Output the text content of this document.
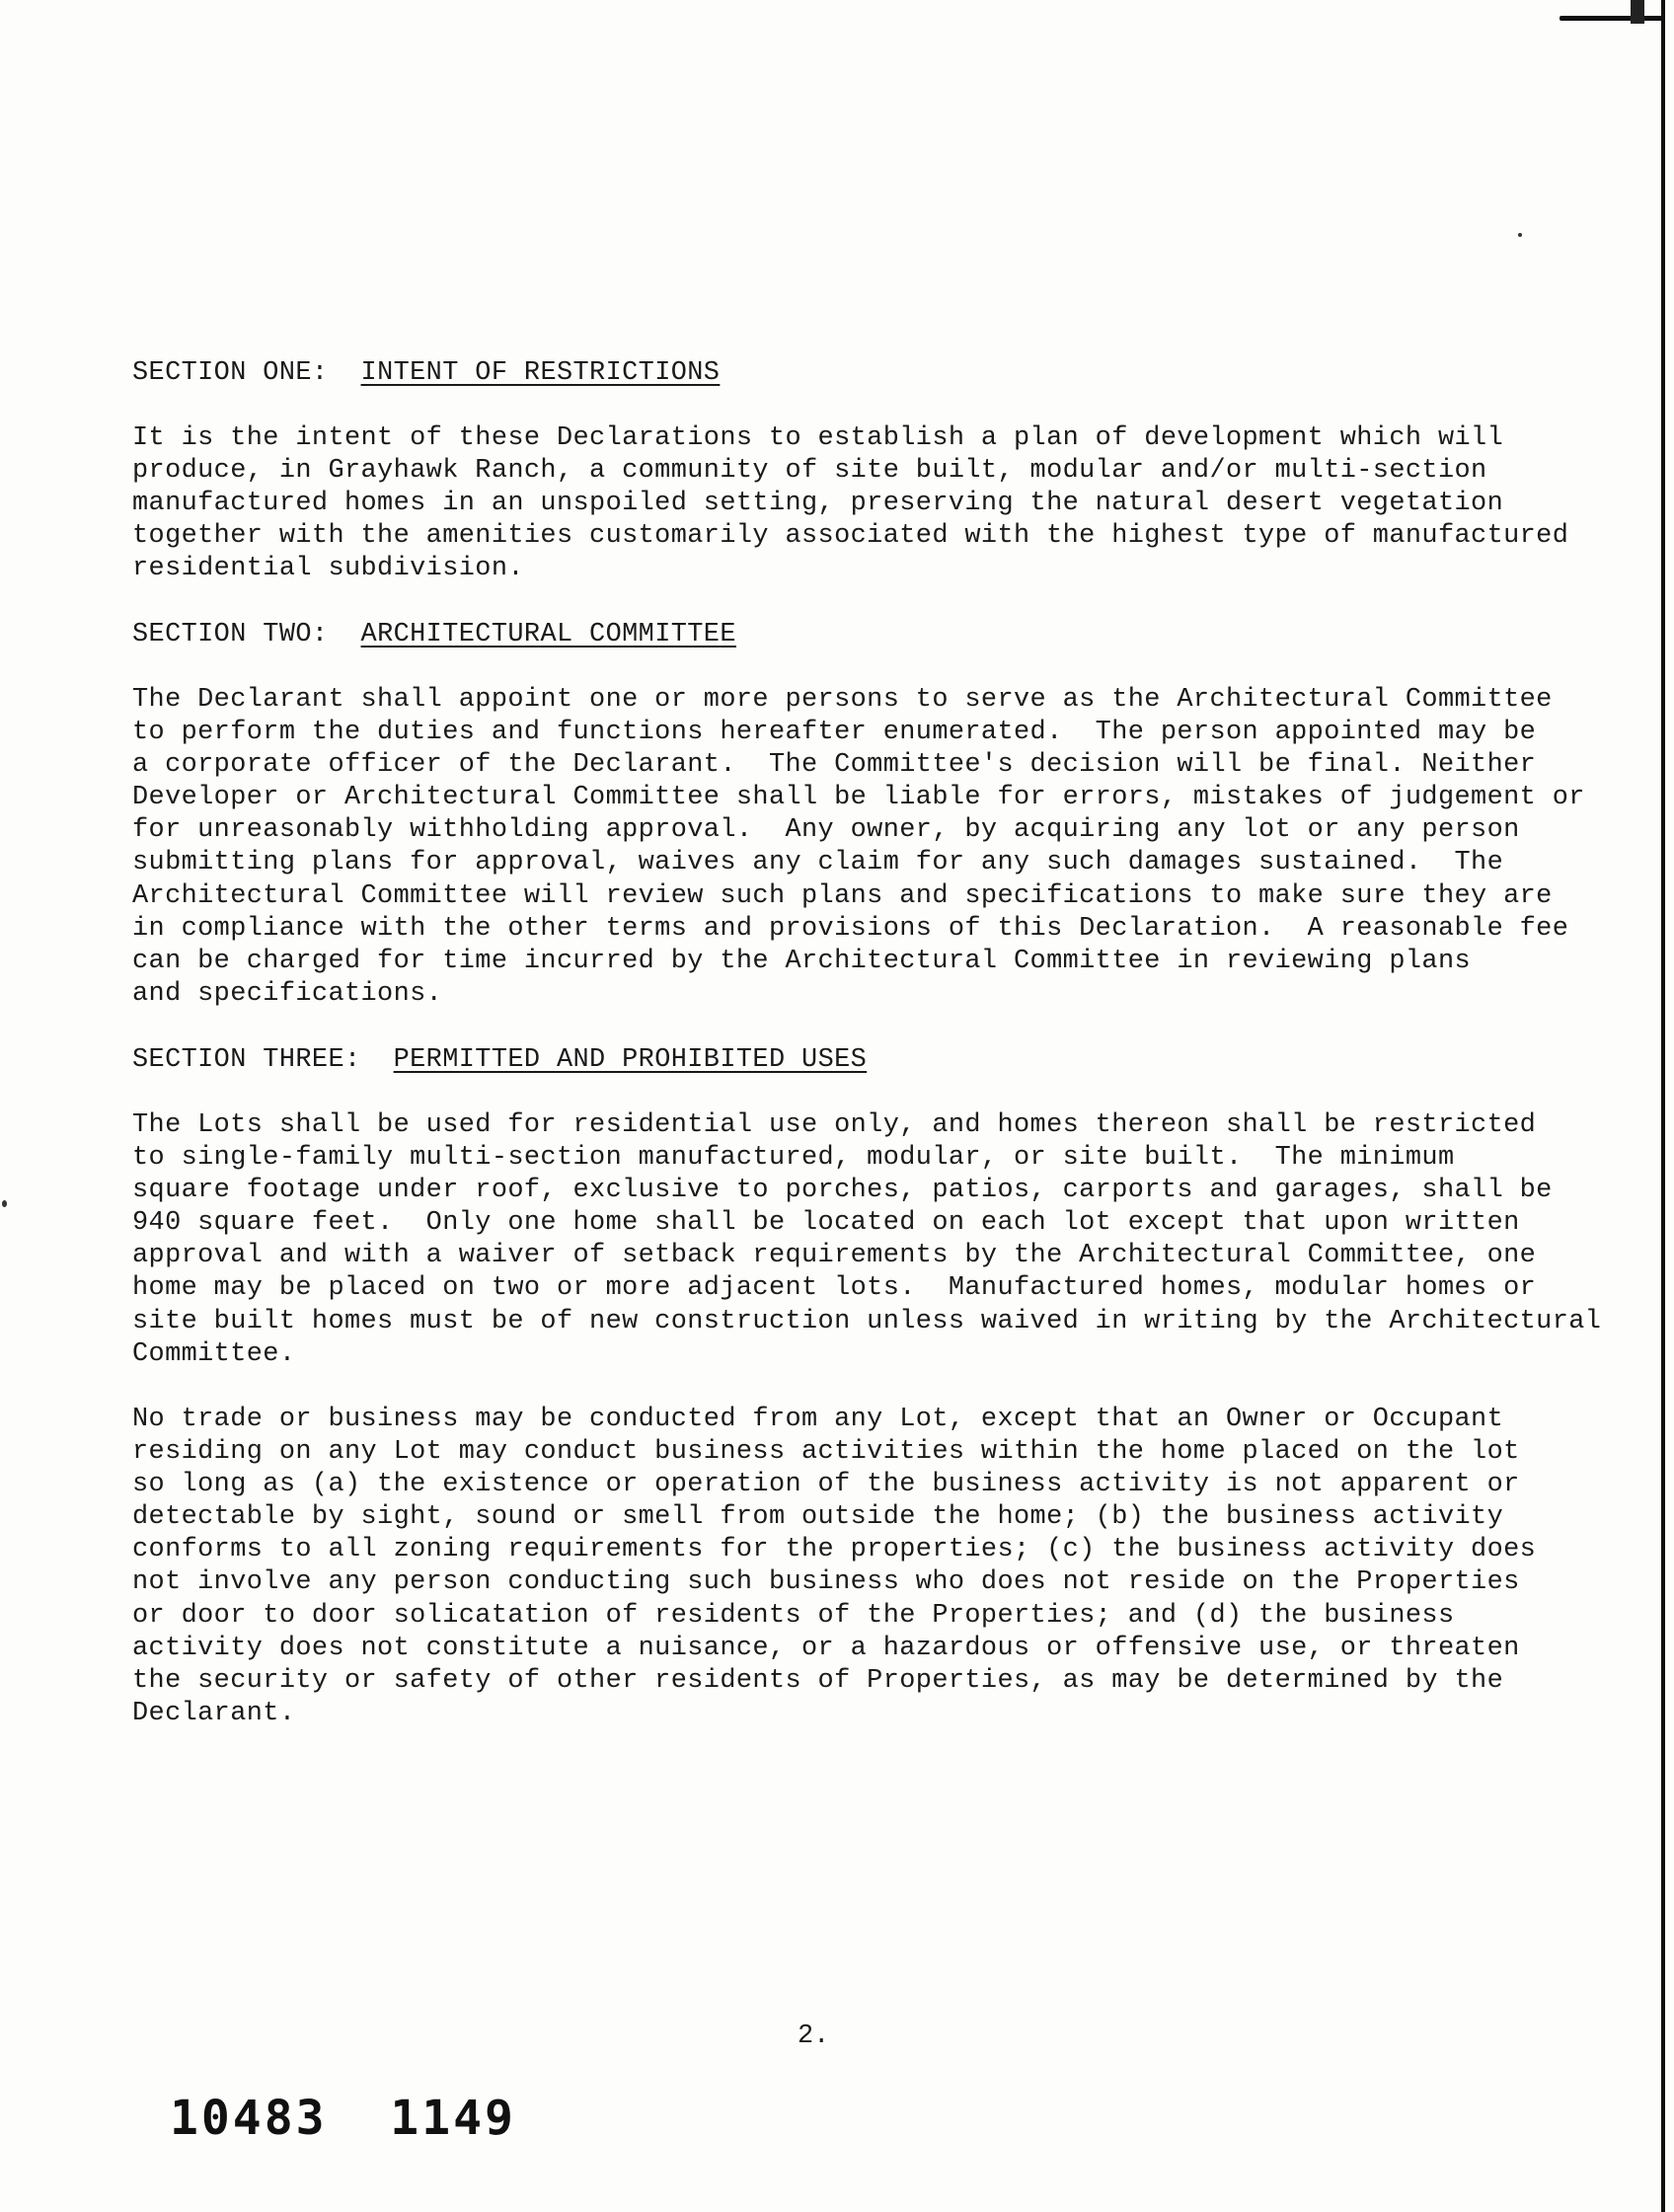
SECTION ONE: INTENT OF RESTRICTIONS
It is the intent of these Declarations to establish a plan of development which will
produce, in Grayhawk Ranch, a community of site built, modular and/or multi-section
manufactured homes in an unspoiled setting, preserving the natural desert vegetation
together with the amenities customarily associated with the highest type of manufactured
residential subdivision.
SECTION TWO: ARCHITECTURAL COMMITTEE
The Declarant shall appoint one or more persons to serve as the Architectural Committee
to perform the duties and functions hereafter enumerated.  The person appointed may be
a corporate officer of the Declarant.  The Committee's decision will be final. Neither
Developer or Architectural Committee shall be liable for errors, mistakes of judgement or
for unreasonably withholding approval.  Any owner, by acquiring any lot or any person
submitting plans for approval, waives any claim for any such damages sustained.  The
Architectural Committee will review such plans and specifications to make sure they are
in compliance with the other terms and provisions of this Declaration.  A reasonable fee
can be charged for time incurred by the Architectural Committee in reviewing plans
and specifications.
SECTION THREE: PERMITTED AND PROHIBITED USES
The Lots shall be used for residential use only, and homes thereon shall be restricted
to single-family multi-section manufactured, modular, or site built.  The minimum
square footage under roof, exclusive to porches, patios, carports and garages, shall be
940 square feet.  Only one home shall be located on each lot except that upon written
approval and with a waiver of setback requirements by the Architectural Committee, one
home may be placed on two or more adjacent lots.  Manufactured homes, modular homes or
site built homes must be of new construction unless waived in writing by the Architectural
Committee.
No trade or business may be conducted from any Lot, except that an Owner or Occupant
residing on any Lot may conduct business activities within the home placed on the lot
so long as (a) the existence or operation of the business activity is not apparent or
detectable by sight, sound or smell from outside the home; (b) the business activity
conforms to all zoning requirements for the properties; (c) the business activity does
not involve any person conducting such business who does not reside on the Properties
or door to door solicatation of residents of the Properties; and (d) the business
activity does not constitute a nuisance, or a hazardous or offensive use, or threaten
the security or safety of other residents of Properties, as may be determined by the
Declarant.
2.
10483  1149
